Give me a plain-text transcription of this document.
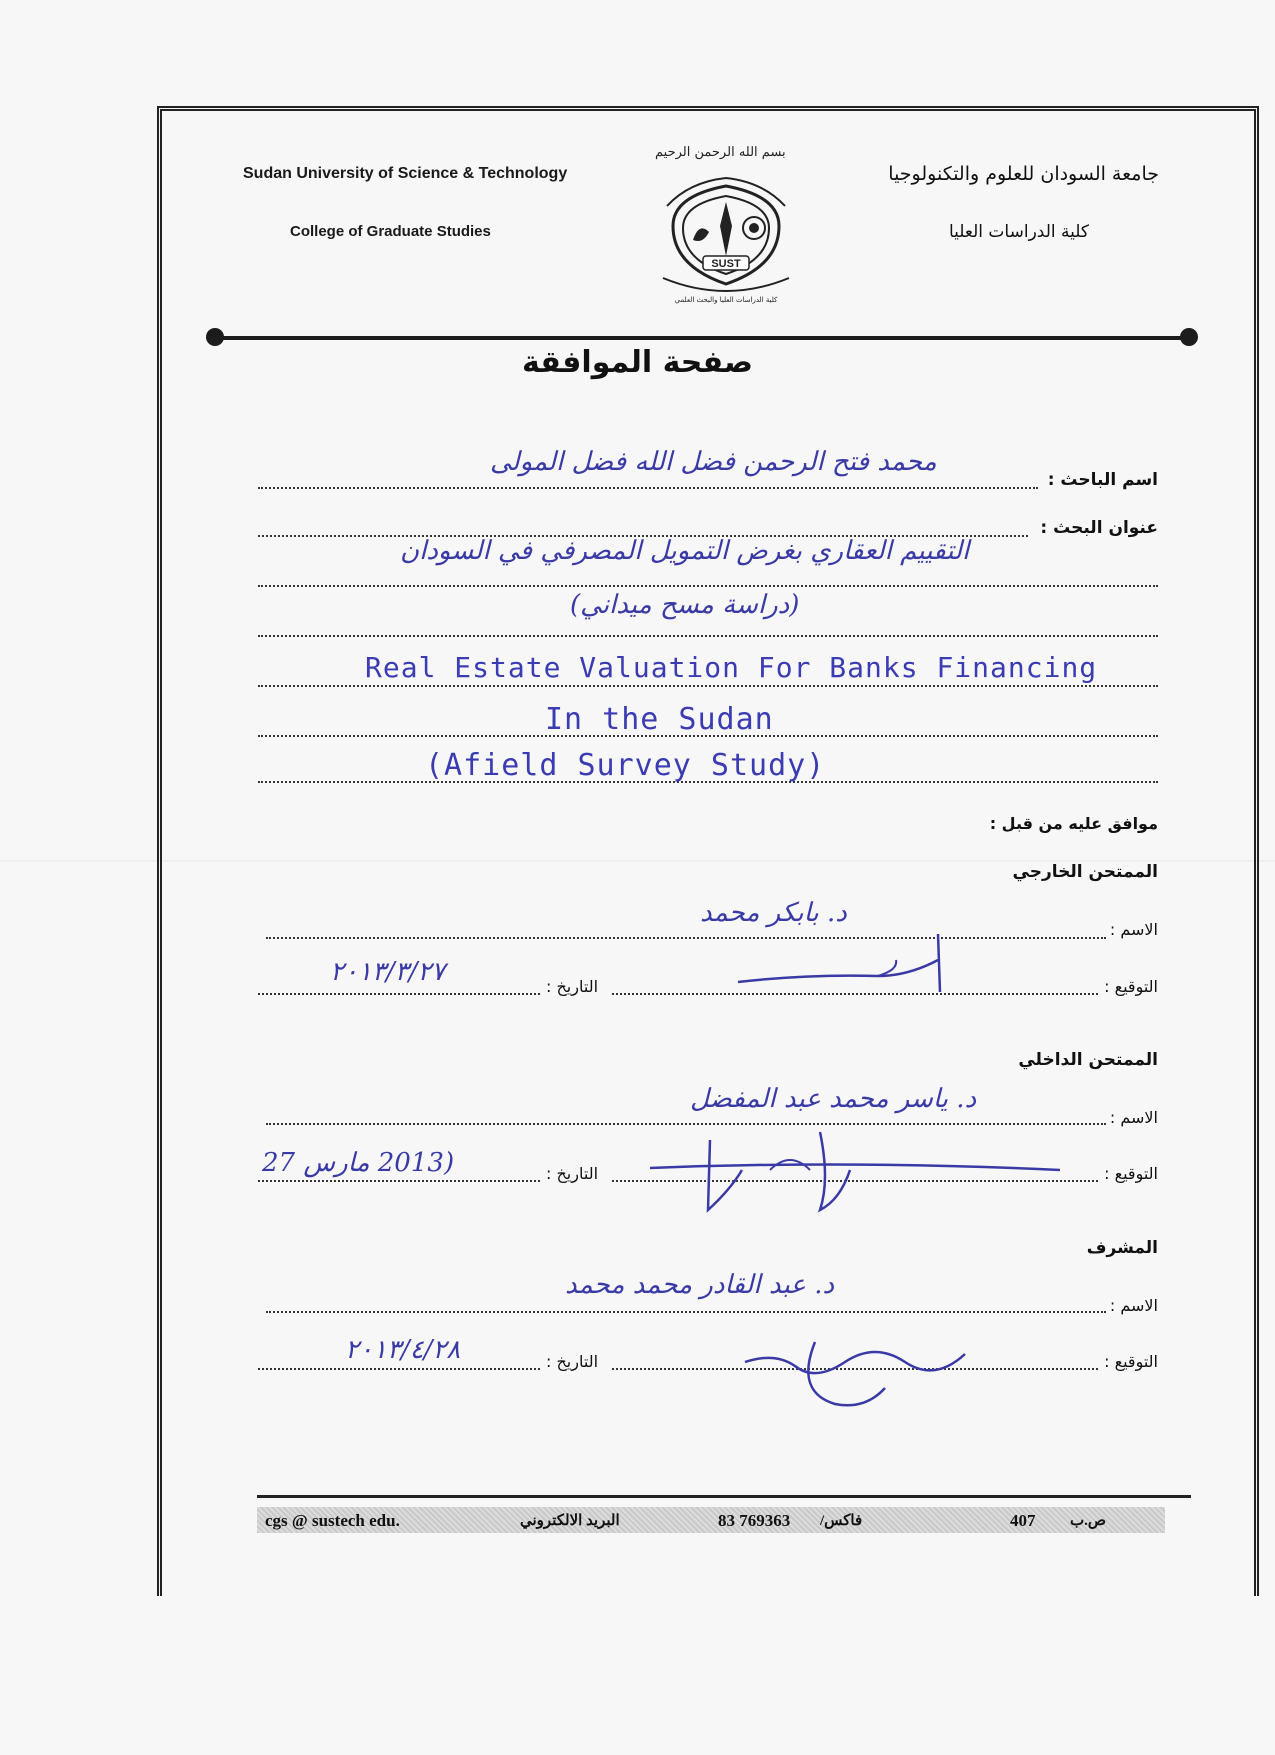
Sudan University of Science & Technology
College of Graduate Studies
جامعة السودان للعلوم والتكنولوجيا
كلية الدراسات العليا
بسم الله الرحمن الرحيم
SUST
كلية الدراسات العليا والبحث العلمي
صفحة الموافقة
اسم الباحث :
محمد فتح الرحمن فضل الله فضل المولى
عنوان البحث :
التقييم العقاري بغرض التمويل المصرفي في السودان
(دراسة مسح ميداني)
Real Estate Valuation For Banks Financing
In the Sudan
(Afield Survey Study)
موافق عليه من قبل :
الممتحن الخارجي
الاسم :
د. بابكر محمد
التوقيع :
التاريخ :
٢٠١٣/٣/٢٧
الممتحن الداخلي
الاسم :
د. ياسر محمد عبد المفضل
التوقيع :
التاريخ :
(2013 مارس 27
المشرف
الاسم :
د. عبد القادر محمد محمد
التوقيع :
التاريخ :
٢٠١٣/٤/٢٨
cgs @ sustech edu.	البريد الالكتروني	83 769363 فاكس/	407 ص.ب
